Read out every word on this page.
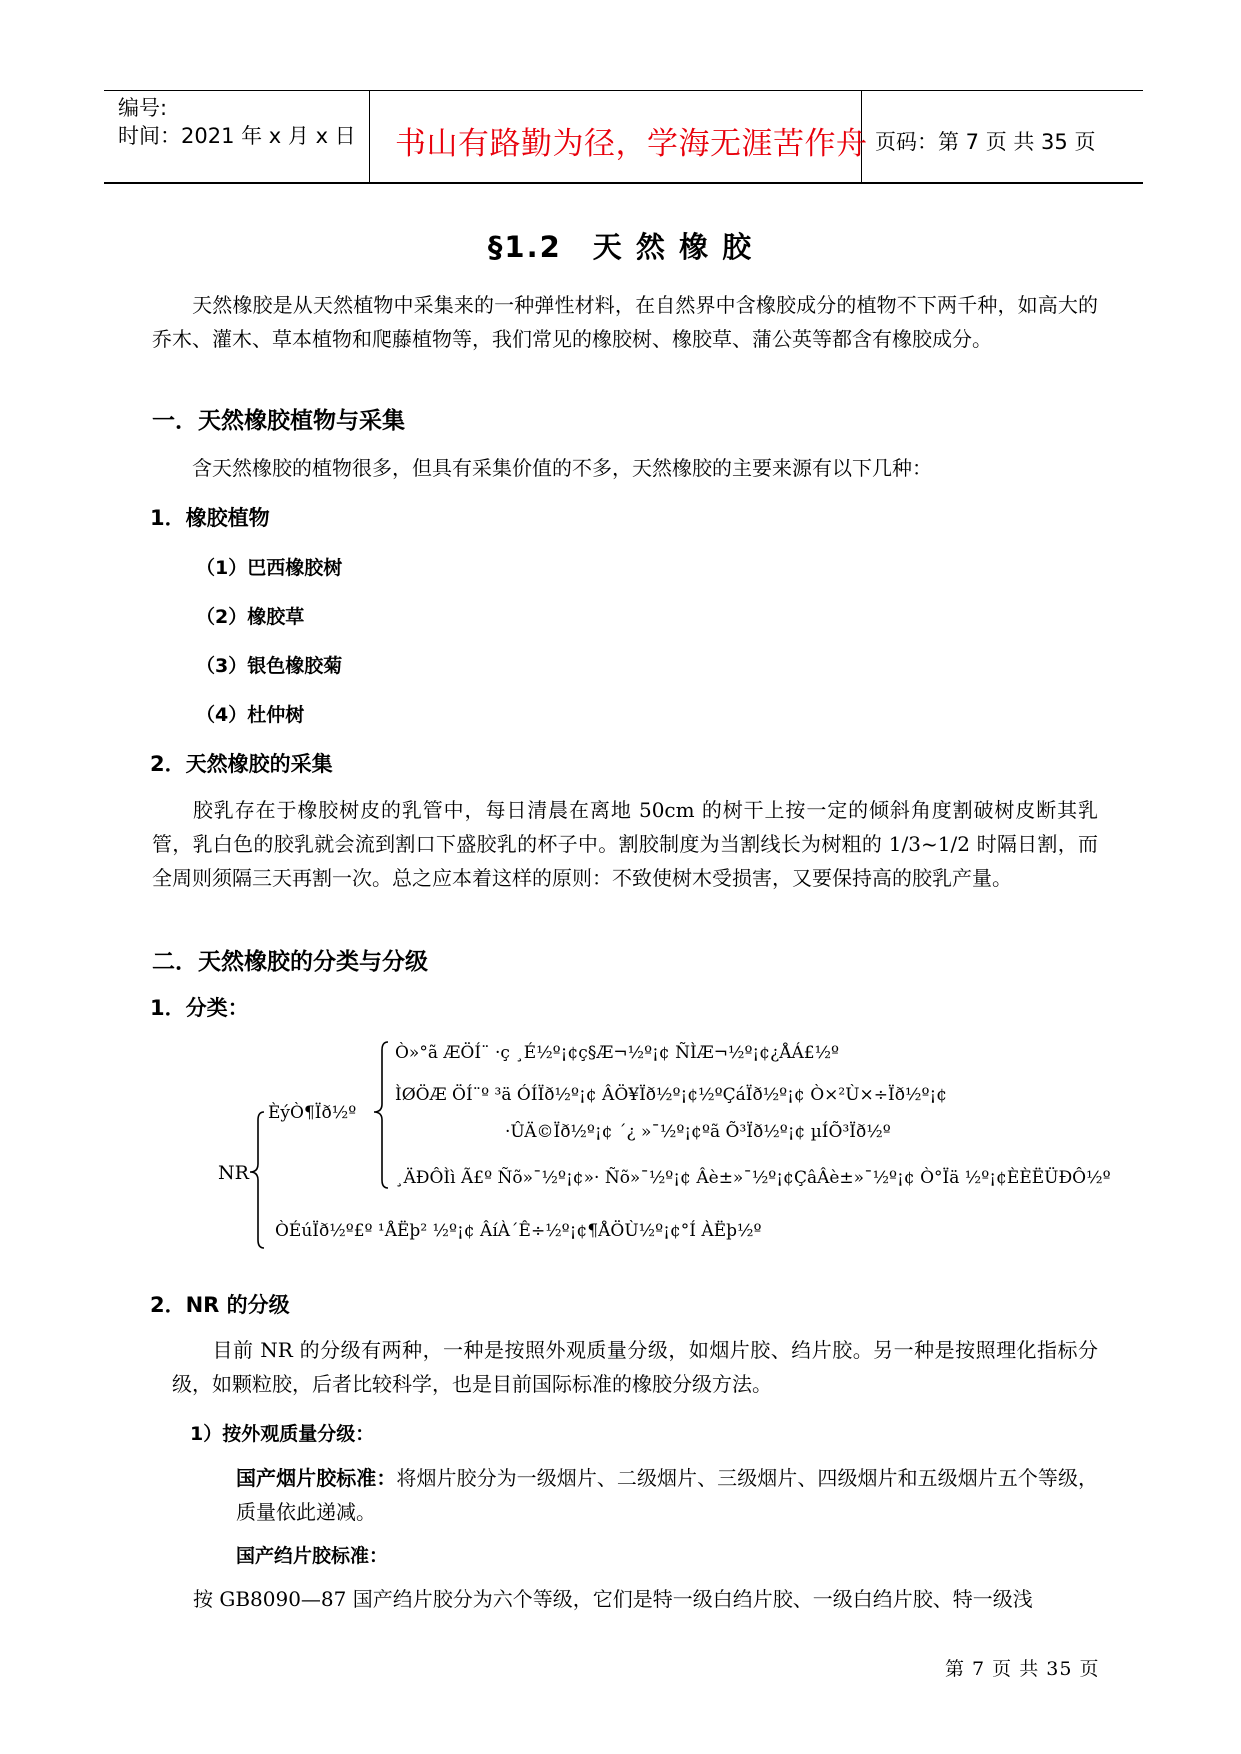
编号:
时间：2021 年 x 月 x 日 书山有路勤为径，学海无涯苦作舟 页码：第 7 页 共 35 页
§1.2　天 然 橡 胶
天然橡胶是从天然植物中采集来的一种弹性材料，在自然界中含橡胶成分的植物不下两千种，如高大的乔木、灌木、草本植物和爬藤植物等，我们常见的橡胶树、橡胶草、蒲公英等都含有橡胶成分。
一．天然橡胶植物与采集
含天然橡胶的植物很多，但具有采集价值的不多，天然橡胶的主要来源有以下几种：
1．橡胶植物
（1）巴西橡胶树
（2）橡胶草
（3）银色橡胶菊
（4）杜仲树
2．天然橡胶的采集
胶乳存在于橡胶树皮的乳管中，每日清晨在离地 50cm 的树干上按一定的倾斜角度割破树皮断其乳管，乳白色的胶乳就会流到割口下盛胶乳的杯子中。割胶制度为当割线长为树粗的 1/3~1/2 时隔日割，而全周则须隔三天再割一次。总之应本着这样的原则：不致使树木受损害，又要保持高的胶乳产量。
二．天然橡胶的分类与分级
1．分类：
NR
ÈýÒ¶Ïð½º
Ò»°ã ÆÖÍ¨ ·ç ¸É½º¡¢ç§Æ¬½º¡¢ ÑÌÆ¬½º¡¢¿ÅÁ£½º
ÌØÖÆ ÖÍ¨º ³ä ÓÍÏð½º¡¢ ÂÖ¥Ïð½º¡¢½ºÇáÏð½º¡¢ Ò×²Ù×÷Ïð½º¡¢
·ÛÄ©Ïð½º¡¢ ´¿ »¯½º¡¢ºã Õ³Ïð½º¡¢ µÍÕ³Ïð½º
¸ÄÐÔÌì Ã£º Ñõ»¯½º¡¢»· Ñõ»¯½º¡¢ Âè±»¯½º¡¢ÇâÂè±»¯½º¡¢ Ò°Ïä ½º¡¢ÈÈËÜÐÔ½º
ÒÉúÏð½º£º ¹ÅËþ² ½º¡¢ ÂíÀ´Ê÷½º¡¢¶ÅÖÙ½º¡¢°Í ÀËþ½º
2．NR 的分级
目前 NR 的分级有两种，一种是按照外观质量分级，如烟片胶、绉片胶。另一种是按照理化指标分级，如颗粒胶，后者比较科学，也是目前国际标准的橡胶分级方法。
1）按外观质量分级：
国产烟片胶标准：将烟片胶分为一级烟片、二级烟片、三级烟片、四级烟片和五级烟片五个等级，质量依此递减。
国产绉片胶标准：
按 GB8090—87 国产绉片胶分为六个等级，它们是特一级白绉片胶、一级白绉片胶、特一级浅
第 7 页 共 35 页
